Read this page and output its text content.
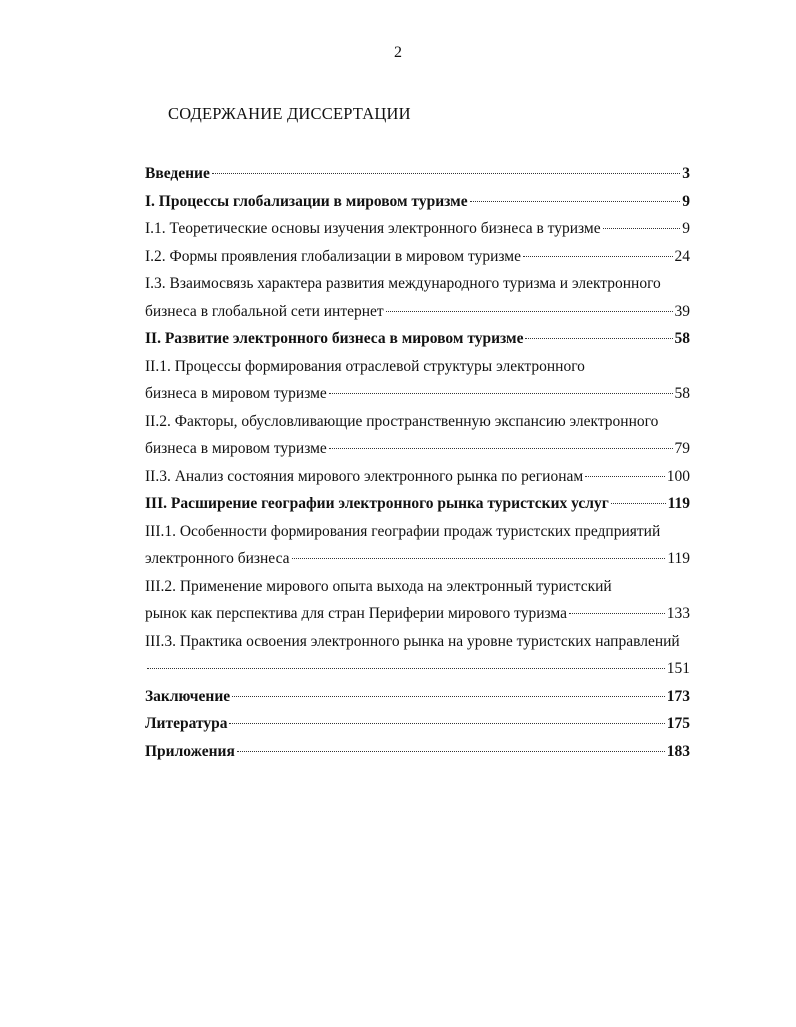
2
СОДЕРЖАНИЕ ДИССЕРТАЦИИ
Введение	3
I. Процессы глобализации в мировом туризме	9
I.1. Теоретические основы изучения электронного бизнеса в туризме	9
I.2. Формы проявления глобализации в мировом туризме	24
I.3. Взаимосвязь характера развития международного туризма и электронного
бизнеса в глобальной сети интернет	39
II. Развитие электронного бизнеса в мировом туризме	58
II.1. Процессы формирования отраслевой структуры электронного
бизнеса в мировом туризме	58
II.2. Факторы, обусловливающие пространственную экспансию электронного
бизнеса в мировом туризме	79
II.3. Анализ состояния мирового электронного рынка по регионам	100
III. Расширение географии электронного рынка туристских услуг	119
III.1. Особенности формирования географии продаж туристских предприятий
электронного бизнеса	119
III.2. Применение мирового опыта выхода на электронный туристский
рынок как перспектива для стран Периферии мирового туризма	133
III.3. Практика освоения электронного рынка на уровне туристских направлений
151
Заключение	173
Литература	175
Приложения	183
